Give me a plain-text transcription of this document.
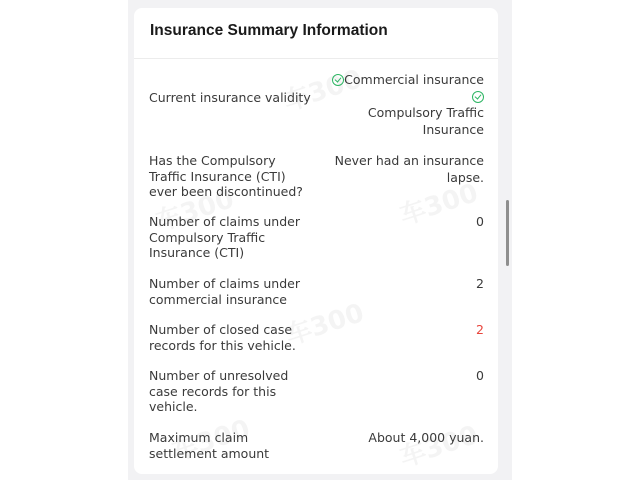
Insurance Summary Information
Current insurance validity
Commercial insurance
Compulsory Traffic Insurance
Has the Compulsory Traffic Insurance (CTI) ever been discontinued?
Never had an insurance lapse.
Number of claims under Compulsory Traffic Insurance (CTI)
0
Number of claims under commercial insurance
2
Number of closed case records for this vehicle.
2
Number of unresolved case records for this vehicle.
0
Maximum claim settlement amount
About 4,000 yuan.
